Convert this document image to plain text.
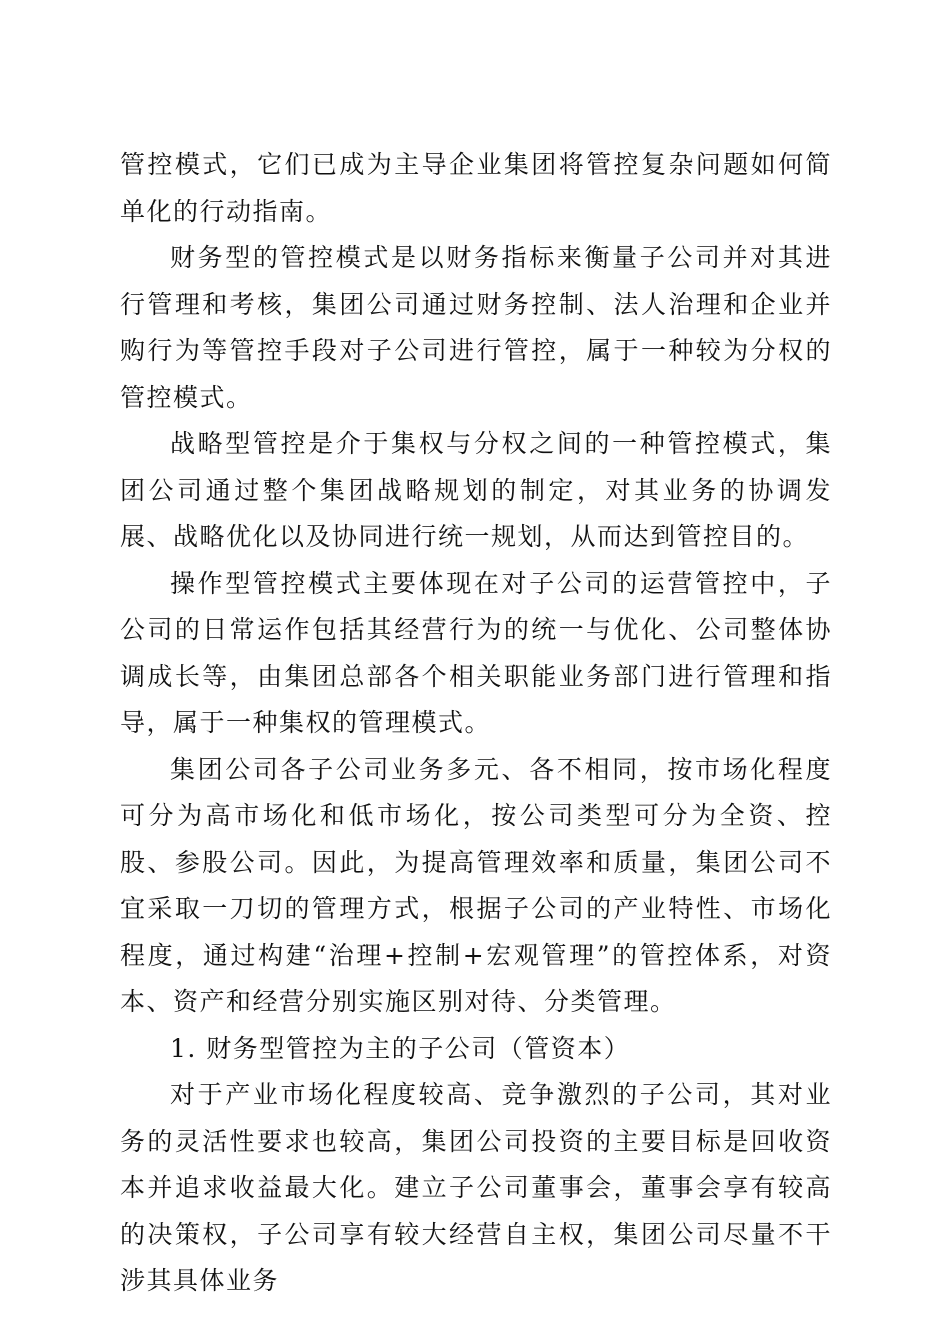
管控模式，它们已成为主导企业集团将管控复杂问题如何简单化的行动指南。

财务型的管控模式是以财务指标来衡量子公司并对其进行管理和考核，集团公司通过财务控制、法人治理和企业并购行为等管控手段对子公司进行管控，属于一种较为分权的管控模式。

战略型管控是介于集权与分权之间的一种管控模式，集团公司通过整个集团战略规划的制定，对其业务的协调发展、战略优化以及协同进行统一规划，从而达到管控目的。

操作型管控模式主要体现在对子公司的运营管控中，子公司的日常运作包括其经营行为的统一与优化、公司整体协调成长等，由集团总部各个相关职能业务部门进行管理和指导，属于一种集权的管理模式。

集团公司各子公司业务多元、各不相同，按市场化程度可分为高市场化和低市场化，按公司类型可分为全资、控股、参股公司。因此，为提高管理效率和质量，集团公司不宜采取一刀切的管理方式，根据子公司的产业特性、市场化程度，通过构建“治理+控制+宏观管理”的管控体系，对资本、资产和经营分别实施区别对待、分类管理。

1. 财务型管控为主的子公司（管资本）

对于产业市场化程度较高、竞争激烈的子公司，其对业务的灵活性要求也较高，集团公司投资的主要目标是回收资本并追求收益最大化。建立子公司董事会，董事会享有较高的决策权，子公司享有较大经营自主权，集团公司尽量不干涉其具体业务
